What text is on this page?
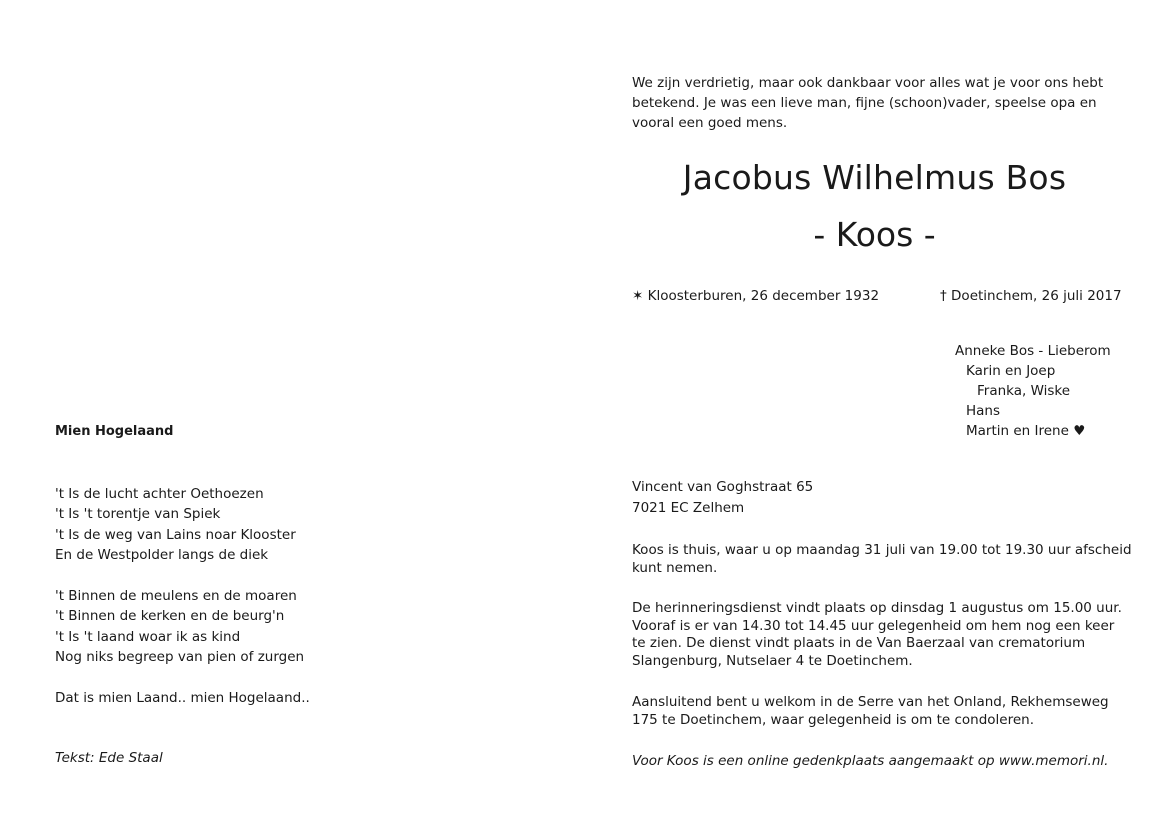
Mien Hogelaand
't Is de lucht achter Oethoezen
't Is 't torentje van Spiek
't Is de weg van Lains noar Klooster
En de Westpolder langs de diek
't Binnen de meulens en de moaren
't Binnen de kerken en de beurg'n
't Is 't laand woar ik as kind
Nog niks begreep van pien of zurgen
Dat is mien Laand.. mien Hogelaand..
Tekst: Ede Staal
We zijn verdrietig, maar ook dankbaar voor alles wat je voor ons hebt
betekend. Je was een lieve man, fijne (schoon)vader, speelse opa en
vooral een goed mens.
Jacobus Wilhelmus Bos
- Koos -
✶ Kloosterburen, 26 december 1932	† Doetinchem, 26 juli 2017
Anneke Bos - Lieberom
Karin en Joep
Franka, Wiske
Hans
Martin en Irene ♥
Vincent van Goghstraat 65
7021 EC Zelhem
Koos is thuis, waar u op maandag 31 juli van 19.00 tot 19.30 uur afscheid
kunt nemen.
De herinneringsdienst vindt plaats op dinsdag 1 augustus om 15.00 uur.
Vooraf is er van 14.30 tot 14.45 uur gelegenheid om hem nog een keer
te zien. De dienst vindt plaats in de Van Baerzaal van crematorium
Slangenburg, Nutselaer 4 te Doetinchem.
Aansluitend bent u welkom in de Serre van het Onland, Rekhemseweg
175 te Doetinchem, waar gelegenheid is om te condoleren.
Voor Koos is een online gedenkplaats aangemaakt op www.memori.nl.
